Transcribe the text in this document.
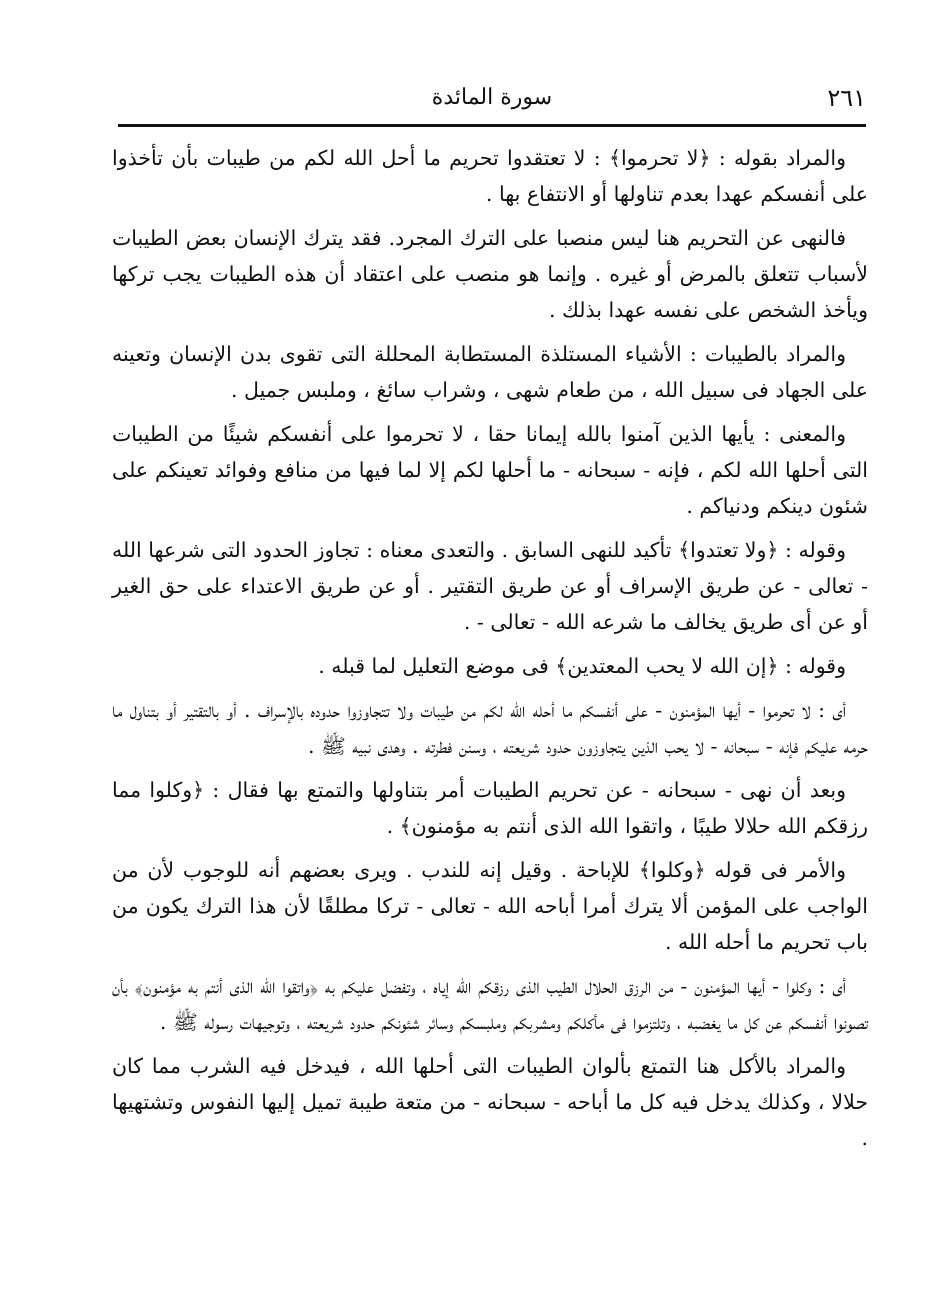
٢٦١
سورة المائدة

والمراد بقوله : ﴿لا تحرموا﴾ : لا تعتقدوا تحريم ما أحل الله لكم من طيبات بأن تأخذوا على أنفسكم عهدا بعدم تناولها أو الانتفاع بها .

فالنهى عن التحريم هنا ليس منصبا على الترك المجرد. فقد يترك الإنسان بعض الطيبات لأسباب تتعلق بالمرض أو غيره . وإنما هو منصب على اعتقاد أن هذه الطيبات يجب تركها ويأخذ الشخص على نفسه عهدا بذلك .

والمراد بالطيبات : الأشياء المستلذة المستطابة المحللة التى تقوى بدن الإنسان وتعينه على الجهاد فى سبيل الله ، من طعام شهى ، وشراب سائغ ، وملبس جميل .

والمعنى : يأيها الذين آمنوا بالله إيمانا حقا ، لا تحرموا على أنفسكم شيئًا من الطيبات التى أحلها الله لكم ، فإنه - سبحانه - ما أحلها لكم إلا لما فيها من منافع وفوائد تعينكم على شئون دينكم ودنياكم .

وقوله : ﴿ولا تعتدوا﴾ تأكيد للنهى السابق . والتعدى معناه : تجاوز الحدود التى شرعها الله - تعالى - عن طريق الإسراف أو عن طريق التقتير . أو عن طريق الاعتداء على حق الغير أو عن أى طريق يخالف ما شرعه الله - تعالى - .

وقوله : ﴿إن الله لا يحب المعتدين﴾ فى موضع التعليل لما قبله .

أى : لا تحرموا - أيها المؤمنون - على أنفسكم ما أحله الله لكم من طيبات ولا تتجاوزوا حدوده بالإسراف . أو بالتقتير أو بتناول ما حرمه عليكم فإنه - سبحانه - لا يحب الذين يتجاوزون حدود شريعته ، وسنن فطرته . وهدى نبيه ﷺ .

وبعد أن نهى - سبحانه - عن تحريم الطيبات أمر بتناولها والتمتع بها فقال : ﴿وكلوا مما رزقكم الله حلالا طيبًا ، واتقوا الله الذى أنتم به مؤمنون﴾ .

والأمر فى قوله ﴿وكلوا﴾ للإباحة . وقيل إنه للندب . ويرى بعضهم أنه للوجوب لأن من الواجب على المؤمن ألا يترك أمرا أباحه الله - تعالى - تركا مطلقًا لأن هذا الترك يكون من باب تحريم ما أحله الله .

أى : وكلوا - أيها المؤمنون - من الرزق الحلال الطيب الذى رزقكم الله إياه ، وتفضل عليكم به ﴿واتقوا الله الذى أنتم به مؤمنون﴾ بأن تصونوا أنفسكم عن كل ما يغضبه ، وتلتزموا فى مأكلكم ومشربكم وملبسكم وسائر شئونكم حدود شريعته ، وتوجيهات رسوله ﷺ .

والمراد بالأكل هنا التمتع بألوان الطيبات التى أحلها الله ، فيدخل فيه الشرب مما كان حلالا ، وكذلك يدخل فيه كل ما أباحه - سبحانه - من متعة طيبة تميل إليها النفوس وتشتهيها .
